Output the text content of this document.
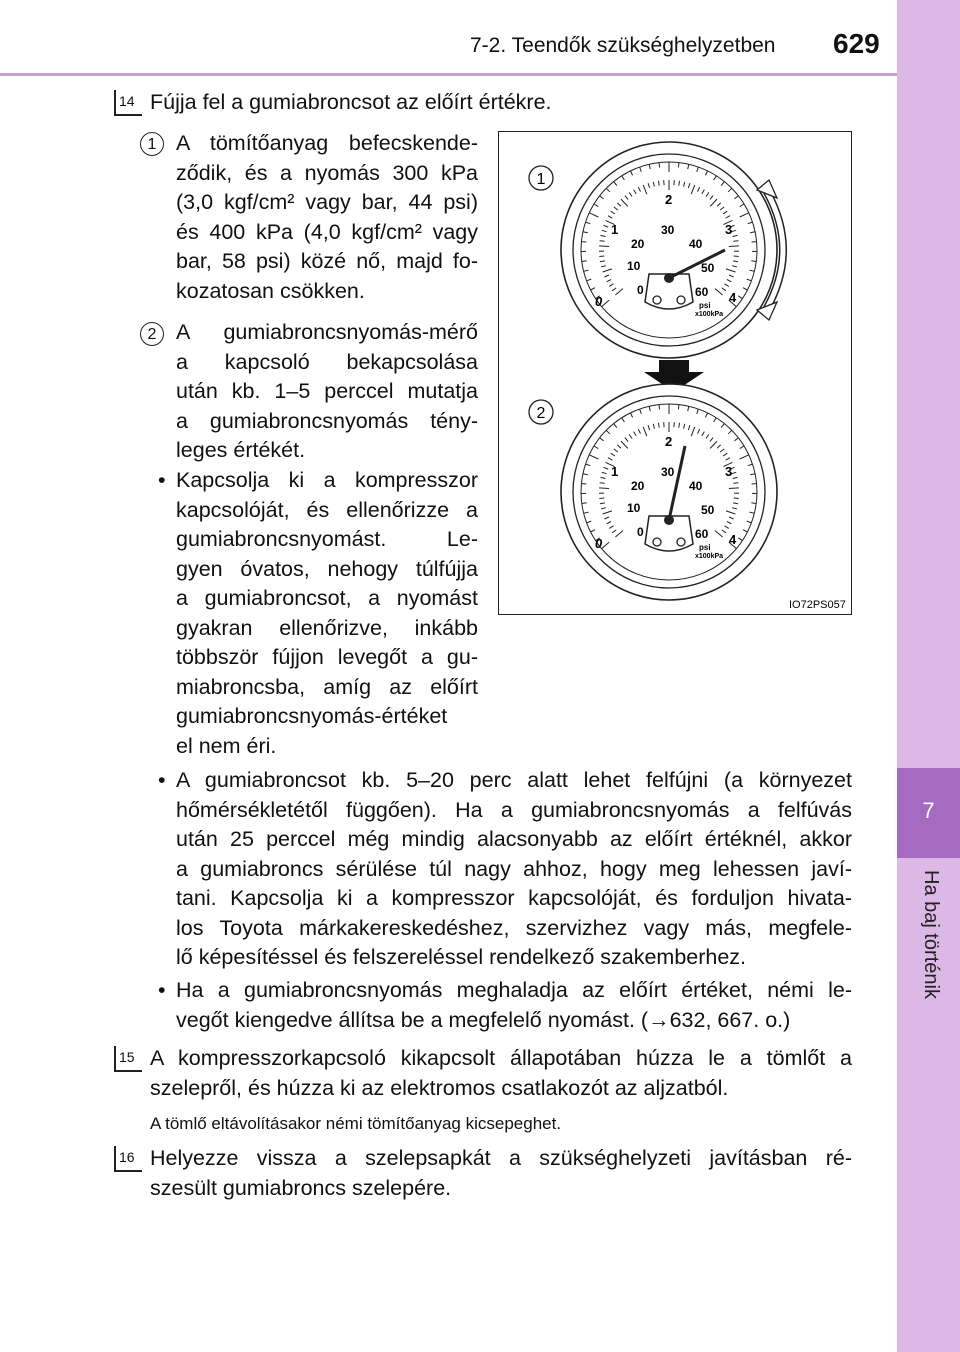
7-2. Teendők szükséghelyzetben 629
7
Ha baj történik
14 Fújja fel a gumiabroncsot az előírt értékre.
1 A tömítőanyag befecskende-
ződik, és a nyomás 300 kPa
(3,0 kgf/cm² vagy bar, 44 psi)
és 400 kPa (4,0 kgf/cm² vagy
bar, 58 psi) közé nő, majd fo-
kozatosan csökken.
2 A gumiabroncsnyomás-mérő
a kapcsoló bekapcsolása
után kb. 1–5 perccel mutatja
a gumiabroncsnyomás tény-
leges értékét.
• Kapcsolja ki a kompresszor
kapcsolóját, és ellenőrizze a
gumiabroncsnyomást. Le-
gyen óvatos, nehogy túlfújja
a gumiabroncsot, a nyomást
gyakran ellenőrizve, inkább
többször fújjon levegőt a gu-
miabroncsba, amíg az előírt
gumiabroncsnyomás-értéket
el nem éri.
• A gumiabroncsot kb. 5–20 perc alatt lehet felfújni (a környezet
hőmérsékletétől függően). Ha a gumiabroncsnyomás a felfúvás
után 25 perccel még mindig alacsonyabb az előírt értéknél, akkor
a gumiabroncs sérülése túl nagy ahhoz, hogy meg lehessen javí-
tani. Kapcsolja ki a kompresszor kapcsolóját, és forduljon hivata-
los Toyota márkakereskedéshez, szervizhez vagy más, megfele-
lő képesítéssel és felszereléssel rendelkező szakemberhez.
• Ha a gumiabroncsnyomás meghaladja az előírt értéket, némi le-
vegőt kiengedve állítsa be a megfelelő nyomást. (→632, 667. o.)
15 A kompresszorkapcsoló kikapcsolt állapotában húzza le a tömlőt a
szelepről, és húzza ki az elektromos csatlakozót az aljzatból.
A tömlő eltávolításakor némi tömítőanyag kicsepeghet.
16 Helyezze vissza a szelepsapkát a szükséghelyzeti javításban ré-
szesült gumiabroncs szelepére.
1
2
1
2
3
4
0
20
30
40
10	50
0	60
psi
x100kPa
1
2
3
4
0
20
30
40
10	50
0	60
psi
x100kPa
IO72PS057
